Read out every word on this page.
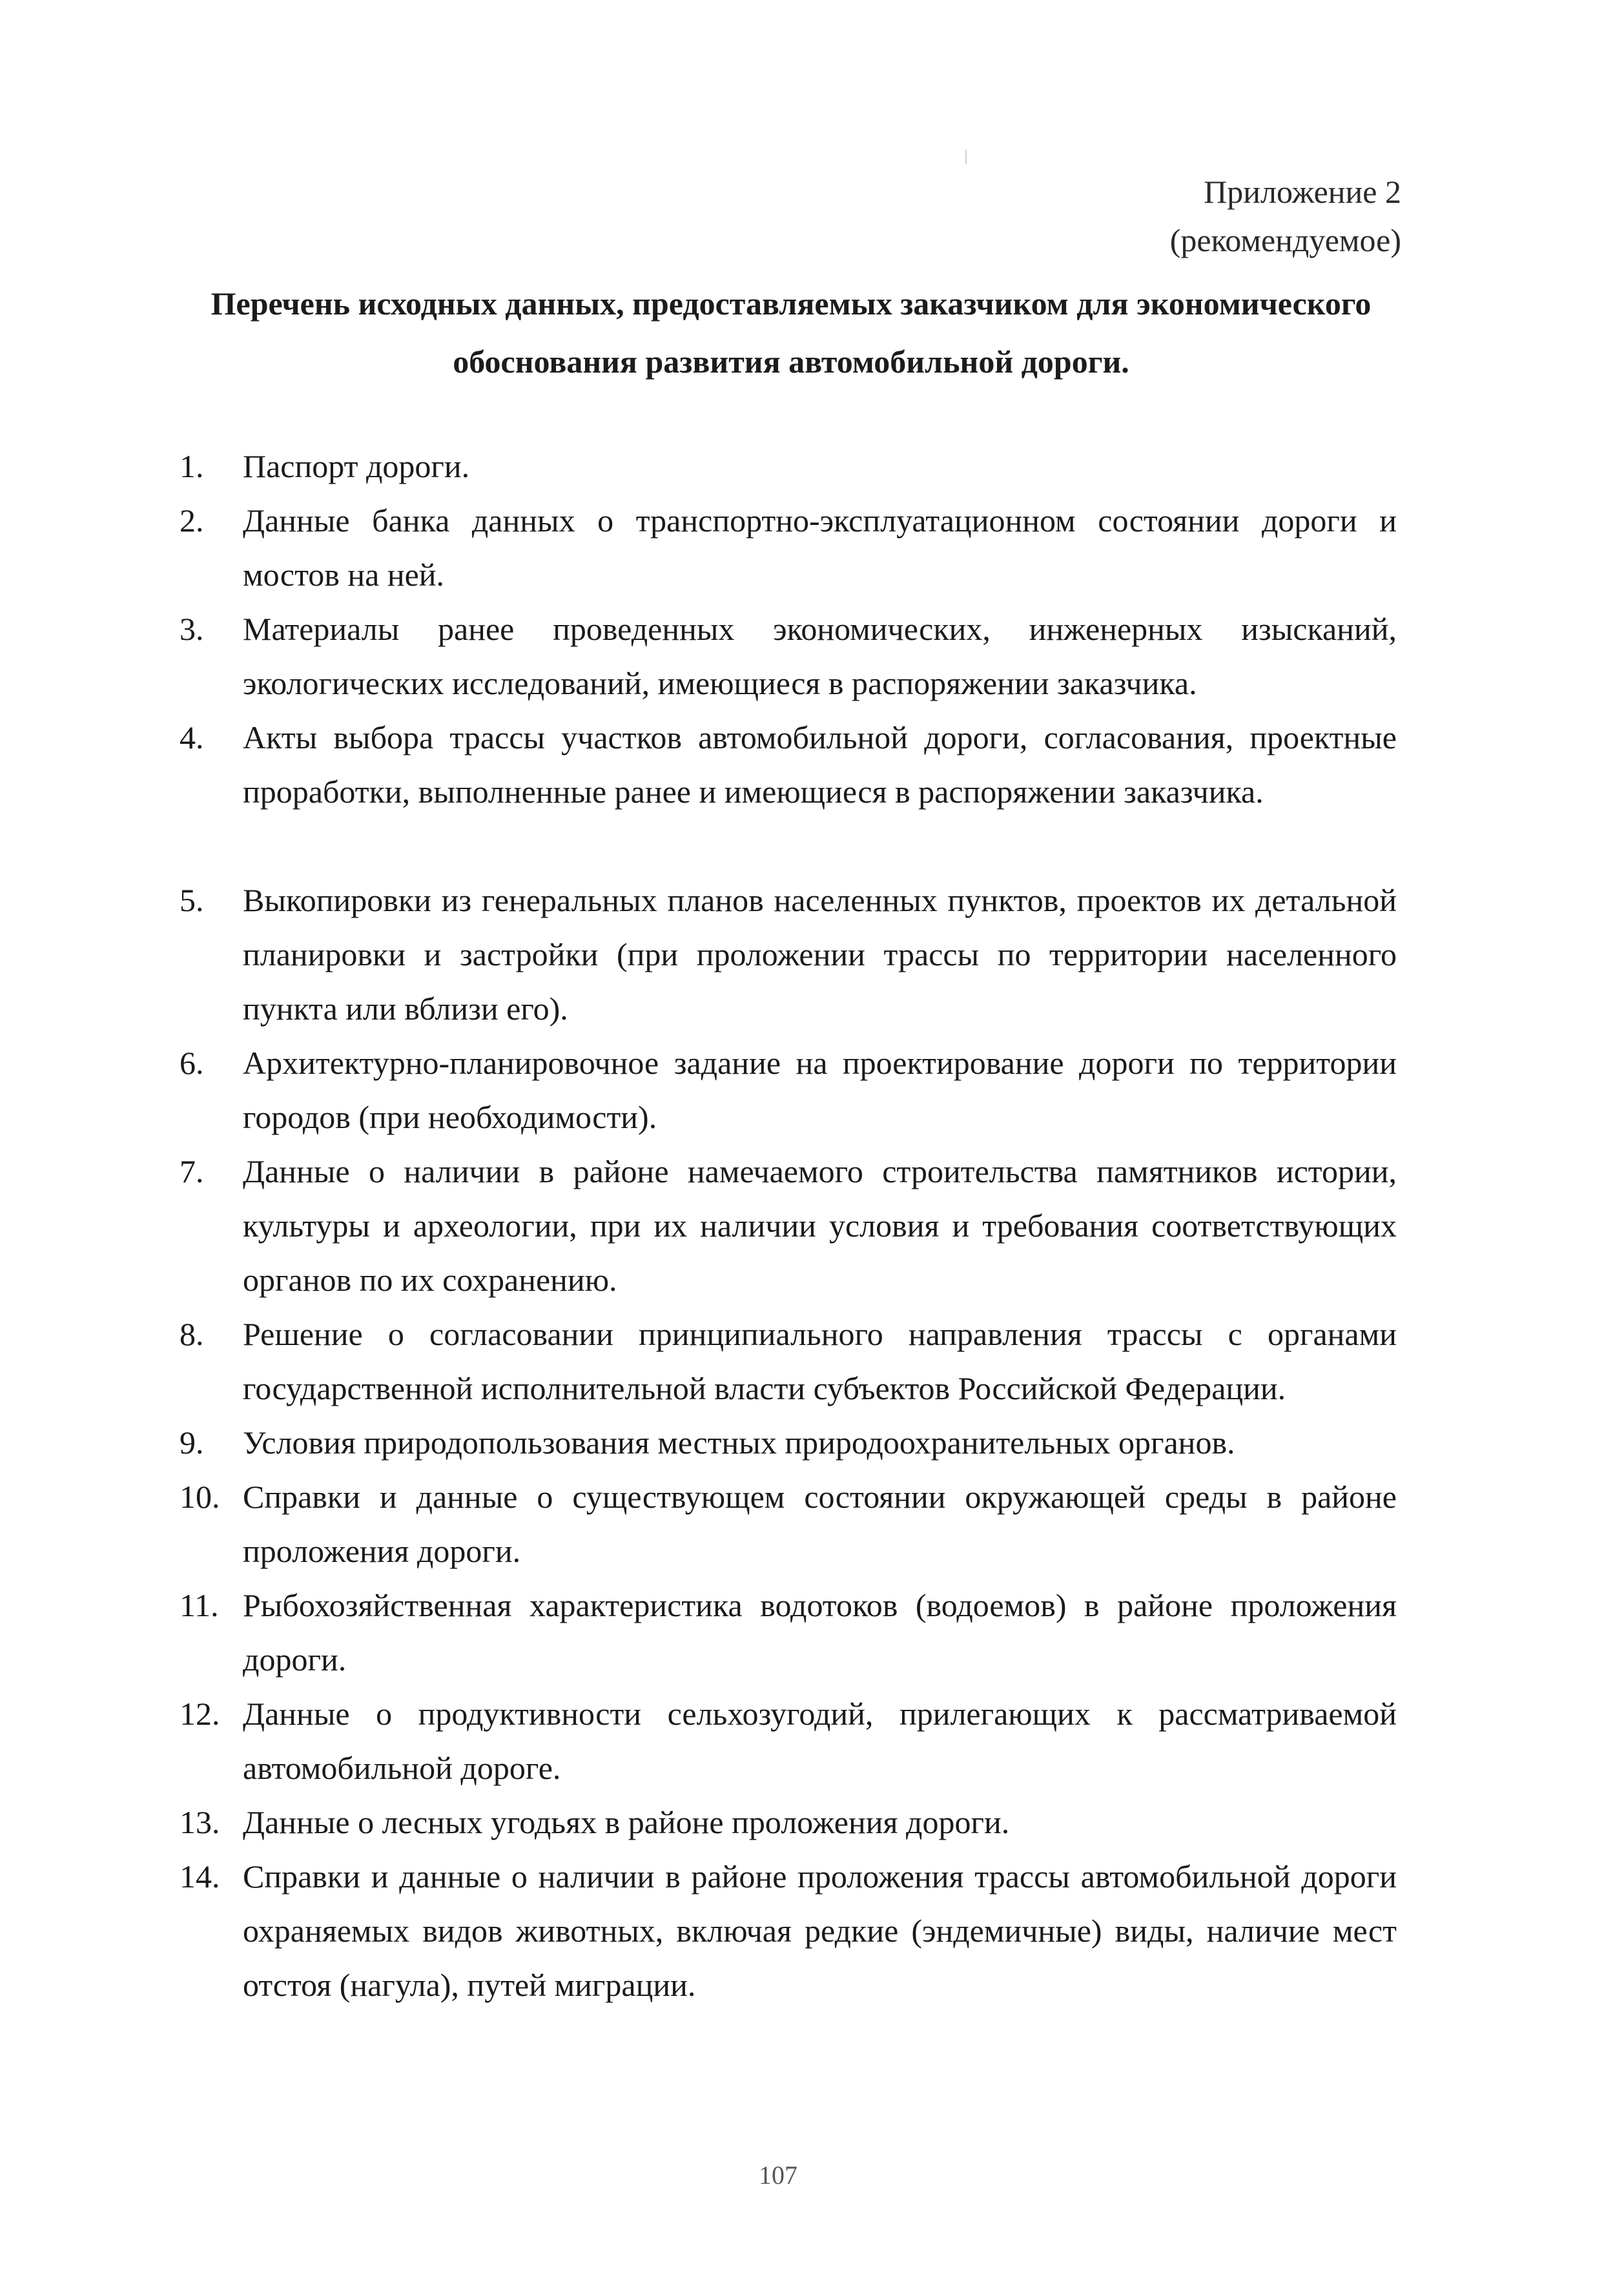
Приложение 2
(рекомендуемое)
Перечень исходных данных, предоставляемых заказчиком для экономического обоснования развития автомобильной дороги.
1.	Паспорт дороги.
2.	Данные банка данных о транспортно-эксплуатационном состоянии дороги и мостов на ней.
3.	Материалы ранее проведенных экономических, инженерных изысканий, экологических исследований, имеющиеся в распоряжении заказчика.
4.	Акты выбора трассы участков автомобильной дороги, согласования, проектные проработки, выполненные ранее и имеющиеся в распоряжении заказчика.
5.	Выкопировки из генеральных планов населенных пунктов, проектов их детальной планировки и застройки (при проложении трассы по территории населенного пункта или вблизи его).
6.	Архитектурно-планировочное задание на проектирование дороги по территории городов (при необходимости).
7.	Данные о наличии в районе намечаемого строительства памятников истории, культуры и археологии, при их наличии условия и требования соответствующих органов по их сохранению.
8.	Решение о согласовании принципиального направления трассы с органами государственной исполнительной власти субъектов Российской Федерации.
9.	Условия природопользования местных природоохранительных органов.
10. Справки и данные о существующем состоянии окружающей среды в районе проложения дороги.
11. Рыбохозяйственная характеристика водотоков (водоемов) в районе проложения дороги.
12. Данные о продуктивности сельхозугодий, прилегающих к рассматриваемой автомобильной дороге.
13. Данные о лесных угодьях в районе проложения дороги.
14. Справки и данные о наличии в районе проложения трассы автомобильной дороги охраняемых видов животных, включая редкие (эндемичные) виды, наличие мест отстоя (нагула), путей миграции.
107
